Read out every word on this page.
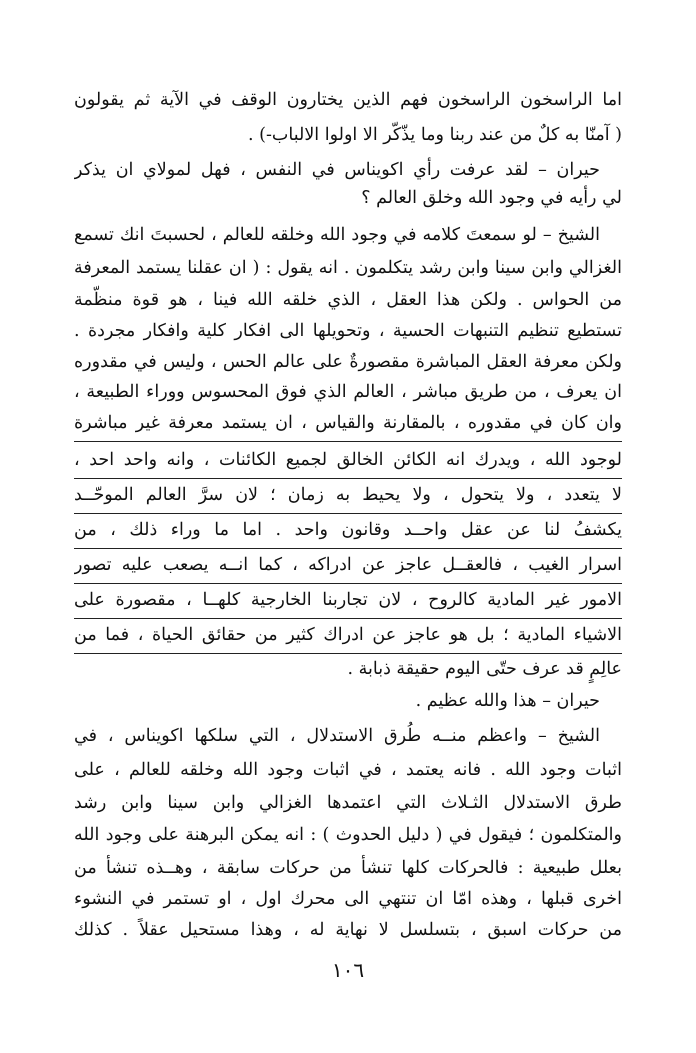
اما الراسخون الراسخون فهم الذين يختارون الوقف في الآية ثم يقولون
( آمنّا به كلٌ من عند ربنا وما يذّكّر الا اولوا الالباب-) .
حيران – لقد عرفت رأي اكويناس في النفس ، فهل لمولاي ان يذكر
لي رأيه في وجود الله وخلق العالم ؟
الشيخ – لو سمعتَ كلامه في وجود الله وخلقه للعالم ، لحسبتَ انك تسمع
الغزالي وابن سينا وابن رشد يتكلمون . انه يقول : ( ان عقلنا يستمد المعرفة
من الحواس . ولكن هذا العقل ، الذي خلقه الله فينا ، هو قوة منظّمة
تستطيع تنظيم التنبهات الحسية ، وتحويلها الى افكار كلية وافكار مجردة .
ولكن معرفة العقل المباشرة مقصورةٌ على عالم الحس ، وليس في مقدوره
ان يعرف ، من طريق مباشر ، العالم الذي فوق المحسوس ووراء الطبيعة ،
وان كان في مقدوره ، بالمقارنة والقياس ، ان يستمد معرفة غير مباشرة
لوجود الله ، ويدرك انه الكائن الخالق لجميع الكائنات ، وانه واحد احد ،
لا يتعدد ، ولا يتحول ، ولا يحيط به زمان ؛ لان سرَّ العالم الموحّــد
يكشفُ لنا عن عقل واحــد وقانون واحد . اما ما وراء ذلك ، من
اسرار الغيب ، فالعقــل عاجز عن ادراكه ، كما انــه يصعب عليه تصور
الامور غير المادية كالروح ، لان تجاربنا الخارجية كلهــا ، مقصورة على
الاشياء المادية ؛ بل هو عاجز عن ادراك كثير من حقائق الحياة ، فما من
عالِمٍ قد عرف حتّى اليوم حقيقة ذبابة .
حيران – هذا والله عظيم .
الشيخ – واعظم منــه طُرق الاستدلال ، التي سلكها اكويناس ، في
اثبات وجود الله . فانه يعتمد ، في اثبات وجود الله وخلقه للعالم ، على
طرق الاستدلال الثـلاث التي اعتمدها الغزالي وابن سينا وابن رشد
والمتكلمون ؛ فيقول في ( دليل الحدوث ) : انه يمكن البرهنة على وجود الله
بعلل طبيعية : فالحركات كلها تنشأ من حركات سابقة ، وهــذه تنشأ من
اخرى قبلها ، وهذه امّا ان تنتهي الى محرك اول ، او تستمر في النشوء
من حركات اسبق ، بتسلسل لا نهاية له ، وهذا مستحيل عقلاً . كذلك
١٠٦
